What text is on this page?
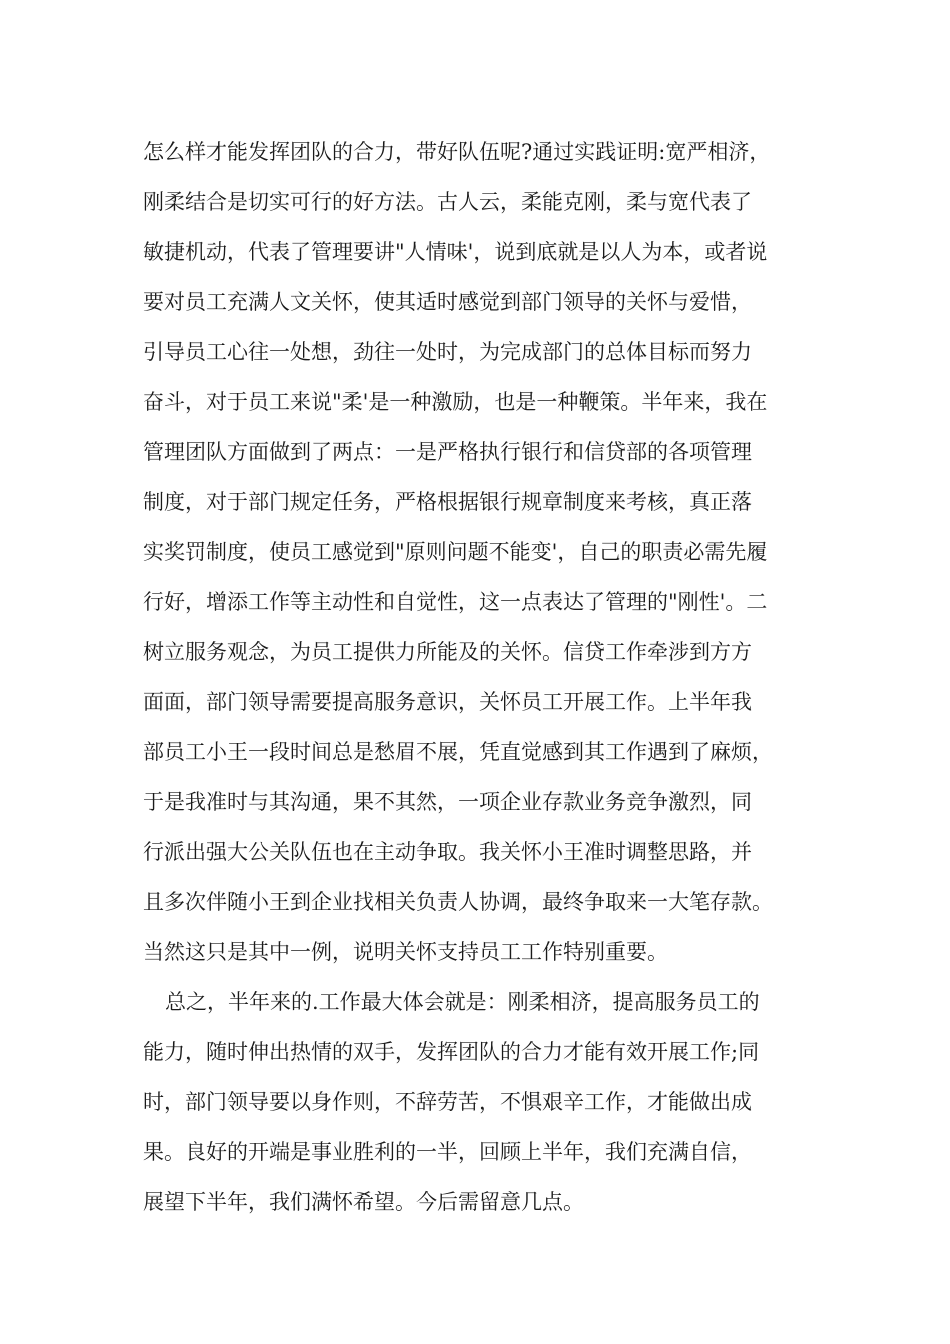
怎么样才能发挥团队的合力，带好队伍呢?通过实践证明:宽严相济，
刚柔结合是切实可行的好方法。古人云，柔能克刚，柔与宽代表了
敏捷机动，代表了管理要讲"人情味'，说到底就是以人为本，或者说
要对员工充满人文关怀，使其适时感觉到部门领导的关怀与爱惜，
引导员工心往一处想，劲往一处时，为完成部门的总体目标而努力
奋斗，对于员工来说"柔'是一种激励，也是一种鞭策。半年来，我在
管理团队方面做到了两点：一是严格执行银行和信贷部的各项管理
制度，对于部门规定任务，严格根据银行规章制度来考核，真正落
实奖罚制度，使员工感觉到"原则问题不能变'，自己的职责必需先履
行好，增添工作等主动性和自觉性，这一点表达了管理的"刚性'。二
树立服务观念，为员工提供力所能及的关怀。信贷工作牵涉到方方
面面，部门领导需要提高服务意识，关怀员工开展工作。上半年我
部员工小王一段时间总是愁眉不展，凭直觉感到其工作遇到了麻烦，
于是我准时与其沟通，果不其然，一项企业存款业务竞争激烈，同
行派出强大公关队伍也在主动争取。我关怀小王准时调整思路，并
且多次伴随小王到企业找相关负责人协调，最终争取来一大笔存款。
当然这只是其中一例，说明关怀支持员工工作特别重要。
总之，半年来的.工作最大体会就是：刚柔相济，提高服务员工的
能力，随时伸出热情的双手，发挥团队的合力才能有效开展工作;同
时，部门领导要以身作则，不辞劳苦，不惧艰辛工作，才能做出成
果。良好的开端是事业胜利的一半，回顾上半年，我们充满自信，
展望下半年，我们满怀希望。今后需留意几点。
